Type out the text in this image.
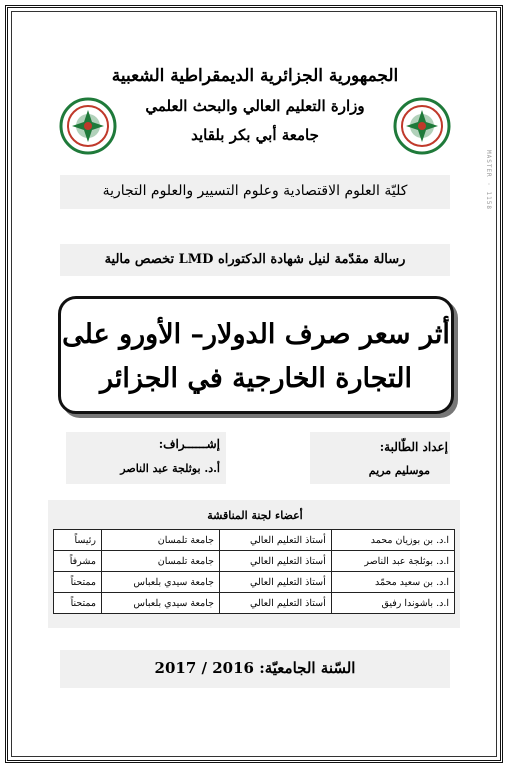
الجمهورية الجزائرية الديمقراطية الشعبية
وزارة التعليم العالي والبحث العلمي
جامعة أبي بكر بلقايد
MASTER · 1158
كليّة العلوم الاقتصادية وعلوم التسيير والعلوم التجارية
رسالة مقدّمة لنيل شهادة الدكتوراه LMD تخصص مالية
أثر سعر صرف الدولار– الأورو على
التجارة الخارجية في الجزائر
إعداد الطّالبة:
موسليم مريم
إشــــــراف:
أ.د. بوثلجة عبد الناصر
أعضاء لجنة المناقشة
ا.د. بن بوزيان محمد	أستاذ التعليم العالي	جامعة تلمسان	رئيساً
ا.د. بوثلجة عبد الناصر	أستاذ التعليم العالي	جامعة تلمسان	مشرفاً
ا.د. بن سعيد محمّد	أستاذ التعليم العالي	جامعة سيدي بلعباس	ممتحناً
ا.د. باشوندا رفيق	أستاذ التعليم العالي	جامعة سيدي بلعباس	ممتحناً
السّنة الجامعيّة: 2016 / 2017
